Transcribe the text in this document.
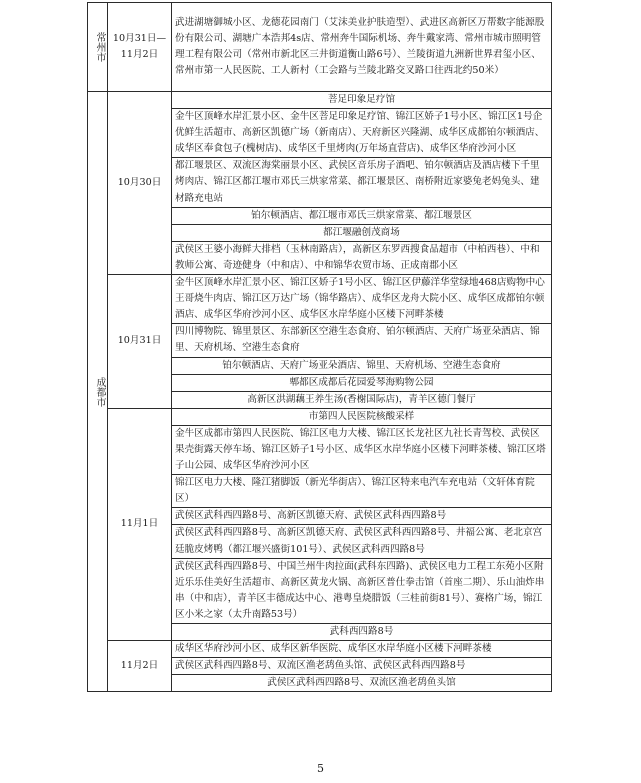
常州市	10月31日—11月2日	武进湖塘御城小区、龙德花园南门（艾沫美业护肤造型）、武进区高新区万帮数字能源股份有限公司、湖塘广本浩邦4s店、常州奔牛国际机场、奔牛戴家湾、常州市城市照明管理工程有限公司（常州市新北区三井街道衡山路6号）、兰陵街道九洲新世界君玺小区、常州市第一人民医院、工人新村（工会路与兰陵北路交叉路口往西北约50米）

成都市	10月30日	菩足印象足疗馆
		金牛区顶峰水岸汇景小区、金牛区菩足印象足疗馆、锦江区娇子1号小区、锦江区1号企优鲜生活超市、高新区凯德广场（新南店）、天府新区兴隆湖、成华区成都铂尔顿酒店、成华区奉食包子(槐树店)、成华区千里烤肉(万年场直营店)、成华区华府沙河小区
		都江堰景区、双流区海棠丽景小区、武侯区音乐房子酒吧、铂尔顿酒店及酒店楼下千里烤肉店、锦江区都江堰市邓氏三烘家常菜、都江堰景区、南桥附近家婆兔老妈兔头、建材路充电站
		铂尔顿酒店、都江堰市邓氏三烘家常菜、都江堰景区
		都江堰融创茂商场
		武侯区王婆小海鲜大排档（玉林南路店），高新区东罗西搜食品超市（中柏西巷）、中和教师公寓、奇迹健身（中和店）、中和锦华农贸市场、正成南郡小区
	10月31日	金牛区顶峰水岸汇景小区、锦江区娇子1号小区、锦江区伊藤洋华堂绿地468店购物中心王哥烧牛肉店、锦江区万达广场（锦华路店）、成华区龙舟大院小区、成华区成都铂尔顿酒店、成华区华府沙河小区、成华区水岸华庭小区楼下河畔茶楼
		四川博物院、锦里景区、东部新区空港生态食府、铂尔顿酒店、天府广场亚朵酒店、锦里、天府机场、空港生态食府
		铂尔顿酒店、天府广场亚朵酒店、锦里、天府机场、空港生态食府
		郫都区成都后花园爱琴海购物公园
		高新区洪湖藕王养生汤(香榭国际店)，青羊区德门餐厅
	11月1日	市第四人民医院核酸采样
		金牛区成都市第四人民医院、锦江区电力大楼、锦江区长龙社区九社长青驾校、武侯区果壳街露天停车场、锦江区娇子1号小区、成华区水岸华庭小区楼下河畔茶楼、锦江区塔子山公园、成华区华府沙河小区
		锦江区电力大楼、隆江猪脚饭（新光华街店）、锦江区特来电汽车充电站（文轩体育院区）
		武侯区武科西四路8号、高新区凯德天府、武侯区武科西四路8号
		武侯区武科西四路8号、高新区凯德天府、武侯区武科西四路8号、井福公寓、老北京宫廷脆皮烤鸭（都江堰兴盛街101号）、武侯区武科西四路8号
		武侯区武科西四路8号、中国兰州牛肉拉面(武科东四路)、武侯区电力工程工东苑小区附近乐乐佳美好生活超市、高新区黄龙火锅、高新区普仕拳击馆（首座二期）、乐山油炸串串（中和店），青羊区丰德成达中心、港粤皇烧腊饭（三桂前街81号）、赛格广场，锦江区小米之家（太升南路53号）
		武科西四路8号
	11月2日	成华区华府沙河小区、成华区新华医院、成华区水岸华庭小区楼下河畔茶楼
		武侯区武科西四路8号、双流区渔老鸹鱼头馆、武侯区武科西四路8号
		武侯区武科西四路8号、双流区渔老鸹鱼头馆
5
